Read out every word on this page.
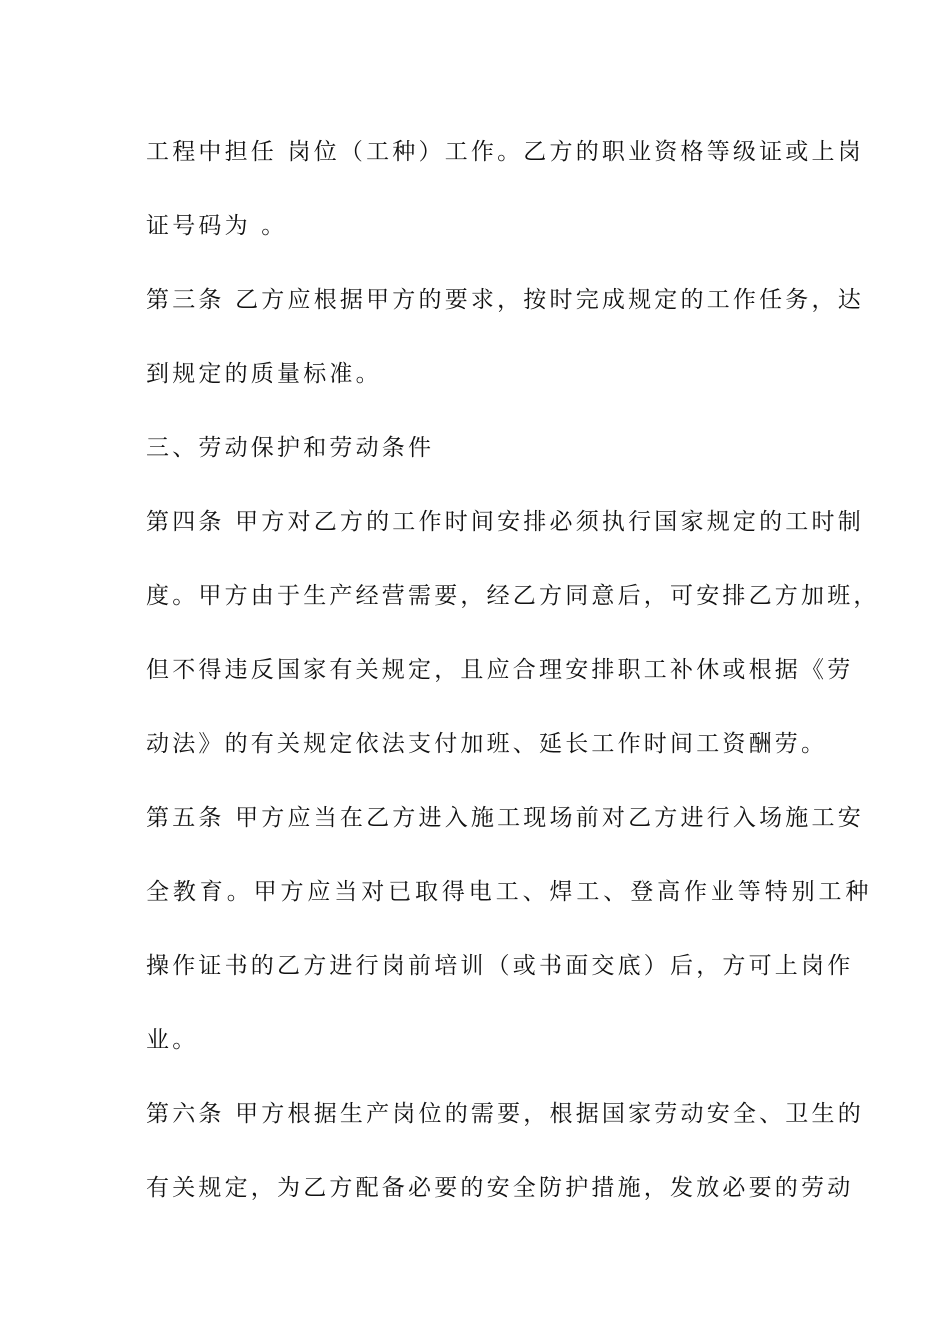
工程中担任 岗位（工种）工作。乙方的职业资格等级证或上岗
证号码为 。
第三条 乙方应根据甲方的要求，按时完成规定的工作任务，达
到规定的质量标准。
三、劳动保护和劳动条件
第四条 甲方对乙方的工作时间安排必须执行国家规定的工时制
度。甲方由于生产经营需要，经乙方同意后，可安排乙方加班，
但不得违反国家有关规定，且应合理安排职工补休或根据《劳
动法》的有关规定依法支付加班、延长工作时间工资酬劳。
第五条 甲方应当在乙方进入施工现场前对乙方进行入场施工安
全教育。甲方应当对已取得电工、焊工、登高作业等特别工种
操作证书的乙方进行岗前培训（或书面交底）后，方可上岗作
业。
第六条 甲方根据生产岗位的需要，根据国家劳动安全、卫生的
有关规定，为乙方配备必要的安全防护措施，发放必要的劳动
